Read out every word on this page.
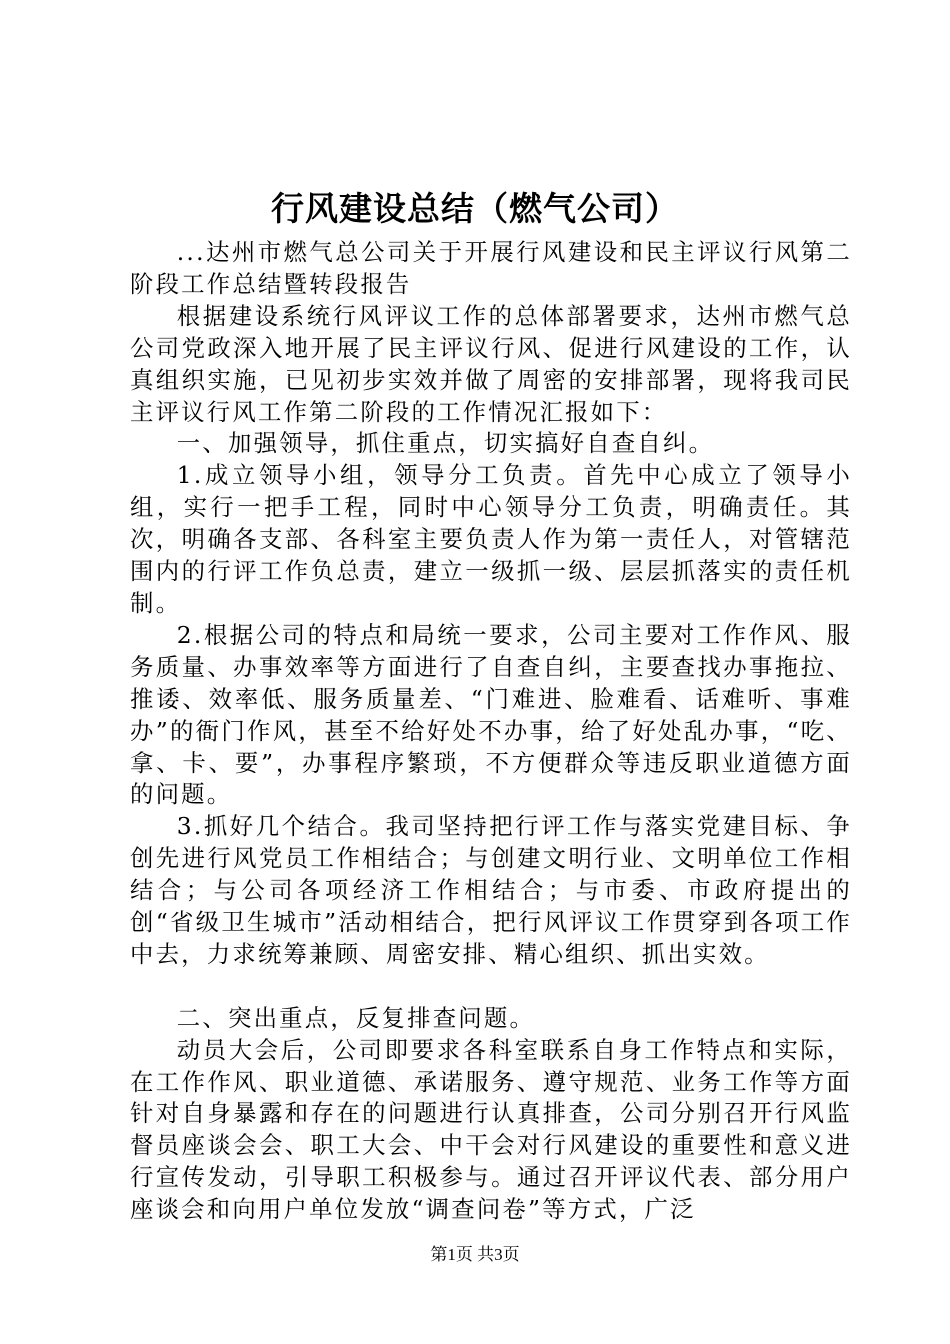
行风建设总结（燃气公司）

...达州市燃气总公司关于开展行风建设和民主评议行风第二阶段工作总结暨转段报告

根据建设系统行风评议工作的总体部署要求，达州市燃气总公司党政深入地开展了民主评议行风、促进行风建设的工作，认真组织实施，已见初步实效并做了周密的安排部署，现将我司民主评议行风工作第二阶段的工作情况汇报如下：

一、加强领导，抓住重点，切实搞好自查自纠。

1.成立领导小组，领导分工负责。首先中心成立了领导小组，实行一把手工程，同时中心领导分工负责，明确责任。其次，明确各支部、各科室主要负责人作为第一责任人，对管辖范围内的行评工作负总责，建立一级抓一级、层层抓落实的责任机制。

2.根据公司的特点和局统一要求，公司主要对工作作风、服务质量、办事效率等方面进行了自查自纠，主要查找办事拖拉、推诿、效率低、服务质量差、“门难进、脸难看、话难听、事难办”的衙门作风，甚至不给好处不办事，给了好处乱办事，“吃、拿、卡、要”，办事程序繁琐，不方便群众等违反职业道德方面的问题。

3.抓好几个结合。我司坚持把行评工作与落实党建目标、争创先进行风党员工作相结合；与创建文明行业、文明单位工作相结合；与公司各项经济工作相结合；与市委、市政府提出的创“省级卫生城市”活动相结合，把行风评议工作贯穿到各项工作中去，力求统筹兼顾、周密安排、精心组织、抓出实效。

二、突出重点，反复排查问题。

动员大会后，公司即要求各科室联系自身工作特点和实际，在工作作风、职业道德、承诺服务、遵守规范、业务工作等方面针对自身暴露和存在的问题进行认真排查，公司分别召开行风监督员座谈会会、职工大会、中干会对行风建设的重要性和意义进行宣传发动，引导职工积极参与。通过召开评议代表、部分用户座谈会和向用户单位发放“调查问卷”等方式，广泛

第1页 共3页
